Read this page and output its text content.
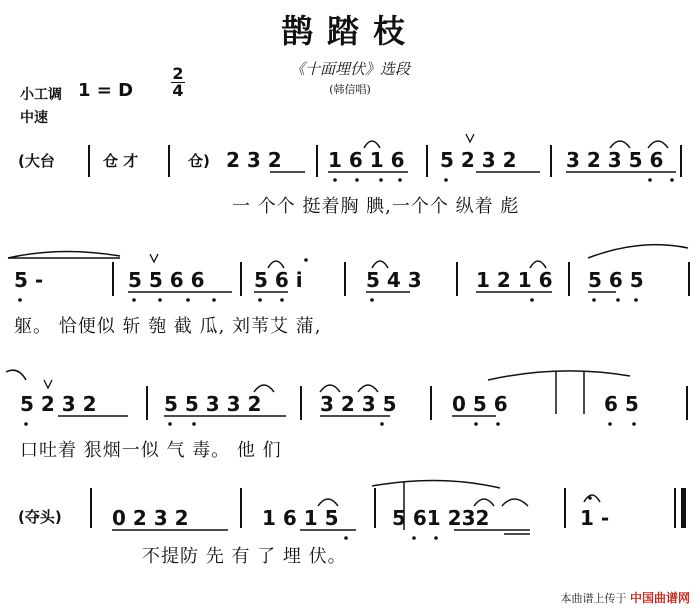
鹊踏枝
《十面埋伏》选段
(韩信唱)
小工调 1 = D $\frac{2}{4}$
中速
(大台	仓 才	仓) 2 3 2 1 6 1 6 5 2 3 2 3 2 3 5 6
一 个个 挺着胸 腆,一个个 纵着 彪
5 -	5 5 6 6 5 6 i	5 4 3	1 2 1 6 5 6 5
躯。 恰便似 斩 匏 截 瓜, 刘苇艾 蒲,
5 2 3 2	5 5 3 3 2	3 2 3 5	0 5 6	6 5
口吐着 狠烟一似 气 毒。 他 们
(夺头)	0 2 3 2	1 6 1 5	5 61 232	1 -
不提防 先 有 了 埋 伏。
本曲谱上传于 中国曲谱网
